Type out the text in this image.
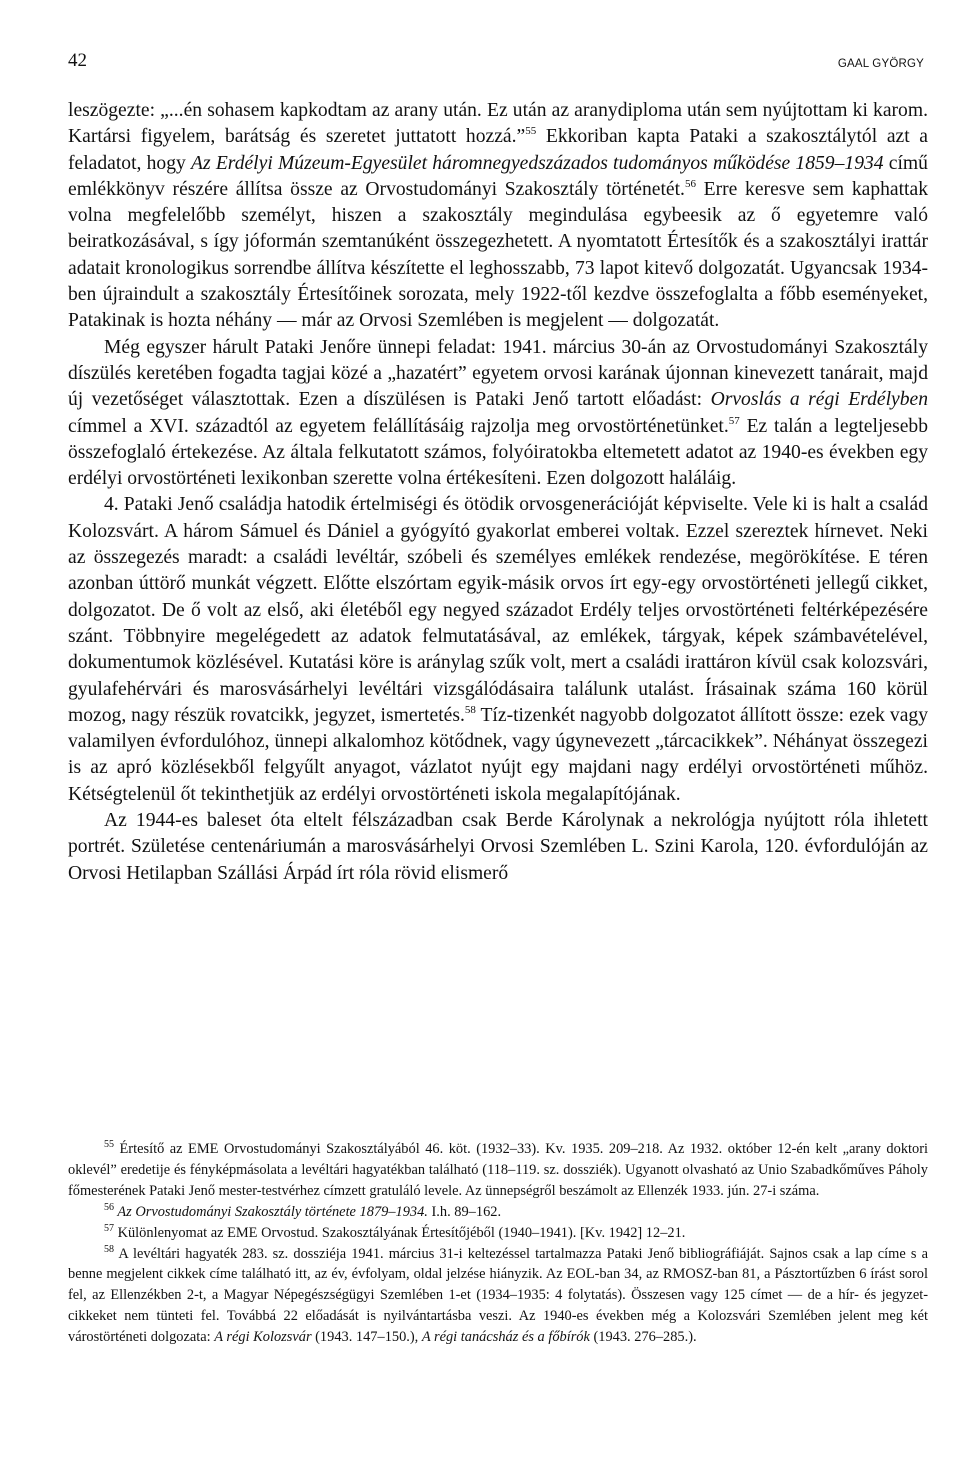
42	GAAL GYÖRGY

leszögezte: „...én sohasem kapkodtam az arany után. Ez után az aranydiploma után sem nyújtottam ki karom. Kartársi figyelem, barátság és szeretet juttatott hozzá.”$^{55}$ Ekkoriban kapta Pataki a szakosztálytól azt a feladatot, hogy Az Erdélyi Múzeum-Egyesület háromnegyedszázados tudományos működése 1859–1934 című emlékkönyv részére állítsa össze az Orvostudományi Szakosztály történetét.$^{56}$ Erre keresve sem kaphattak volna megfelelőbb személyt, hiszen a szakosztály megindulása egybeesik az ő egyetemre való beiratkozásával, s így jóformán szemtanúként összegezhetett. A nyomtatott Értesítők és a szakosztályi irattár adatait kronologikus sorrendbe állítva készítette el leghosszabb, 73 lapot kitevő dolgozatát. Ugyancsak 1934-ben újraindult a szakosztály Értesítőinek sorozata, mely 1922-től kezdve összefoglalta a főbb eseményeket, Patakinak is hozta néhány — már az Orvosi Szemlében is megjelent — dolgozatát.

Még egyszer hárult Pataki Jenőre ünnepi feladat: 1941. március 30-án az Orvostudományi Szakosztály díszülés keretében fogadta tagjai közé a „hazatért” egyetem orvosi karának újonnan kinevezett tanárait, majd új vezetőséget választottak. Ezen a díszülésen is Pataki Jenő tartott előadást: Orvoslás a régi Erdélyben címmel a XVI. századtól az egyetem felállításáig rajzolja meg orvostörténetünket.$^{57}$ Ez talán a legteljesebb összefoglaló értekezése. Az általa felkutatott számos, folyóiratokba eltemetett adatot az 1940-es években egy erdélyi orvostörténeti lexikonban szerette volna értékesíteni. Ezen dolgozott haláláig.

4. Pataki Jenő családja hatodik értelmiségi és ötödik orvosgenerációját képviselte. Vele ki is halt a család Kolozsvárt. A három Sámuel és Dániel a gyógyító gyakorlat emberei voltak. Ezzel szereztek hírnevet. Neki az összegezés maradt: a családi levéltár, szóbeli és személyes emlékek rendezése, megörökítése. E téren azonban úttörő munkát végzett. Előtte elszórtam egyik-másik orvos írt egy-egy orvostörténeti jellegű cikket, dolgozatot. De ő volt az első, aki életéből egy negyed századot Erdély teljes orvostörténeti feltérképezésére szánt. Többnyire megelégedett az adatok felmutatásával, az emlékek, tárgyak, képek számbavételével, dokumentumok közlésével. Kutatási köre is aránylag szűk volt, mert a családi irattáron kívül csak kolozsvári, gyulafehérvári és marosvásárhelyi levéltári vizsgálódásaira találunk utalást. Írásainak száma 160 körül mozog, nagy részük rovatcikk, jegyzet, ismertetés.$^{58}$ Tíz-tizenkét nagyobb dolgozatot állított össze: ezek vagy valamilyen évfordulóhoz, ünnepi alkalomhoz kötődnek, vagy úgynevezett „tárcacikkek”. Néhányat összegezi is az apró közlésekből felgyűlt anyagot, vázlatot nyújt egy majdani nagy erdélyi orvostörténeti műhöz. Kétségtelenül őt tekinthetjük az erdélyi orvostörténeti iskola megalapítójának.

Az 1944-es baleset óta eltelt félszázadban csak Berde Károlynak a nekrológja nyújtott róla ihletett portrét. Születése centenáriumán a marosvásárhelyi Orvosi Szemlében L. Szini Karola, 120. évfordulóján az Orvosi Hetilapban Szállási Árpád írt róla rövid elismerő

$^{55}$ Értesítő az EME Orvostudományi Szakosztályából 46. köt. (1932–33). Kv. 1935. 209–218. Az 1932. október 12-én kelt „arany doktori oklevél” eredetije és fényképmásolata a levéltári hagyatékban található (118–119. sz. dossziék). Ugyanott olvasható az Unio Szabadkőműves Páholy főmesterének Pataki Jenő mester-testvérhez címzett gratuláló levele. Az ünnepségről beszámolt az Ellenzék 1933. jún. 27-i száma.

$^{56}$ Az Orvostudományi Szakosztály története 1879–1934. I.h. 89–162.

$^{57}$ Különlenyomat az EME Orvostud. Szakosztályának Értesítőjéből (1940–1941). [Kv. 1942] 12–21.

$^{58}$ A levéltári hagyaték 283. sz. dossziéja 1941. március 31-i keltezéssel tartalmazza Pataki Jenő bibliográfiáját. Sajnos csak a lap címe s a benne megjelent cikkek címe található itt, az év, évfolyam, oldal jelzése hiányzik. Az EOL-ban 34, az RMOSZ-ban 81, a Pásztortűzben 6 írást sorol fel, az Ellenzékben 2-t, a Magyar Népegészségügyi Szemlében 1-et (1934–1935: 4 folytatás). Összesen vagy 125 címet — de a hír- és jegyzet-cikkeket nem tünteti fel. Továbbá 22 előadását is nyilvántartásba veszi. Az 1940-es években még a Kolozsvári Szemlében jelent meg két várostörténeti dolgozata: A régi Kolozsvár (1943. 147–150.), A régi tanácsház és a főbírók (1943. 276–285.).
